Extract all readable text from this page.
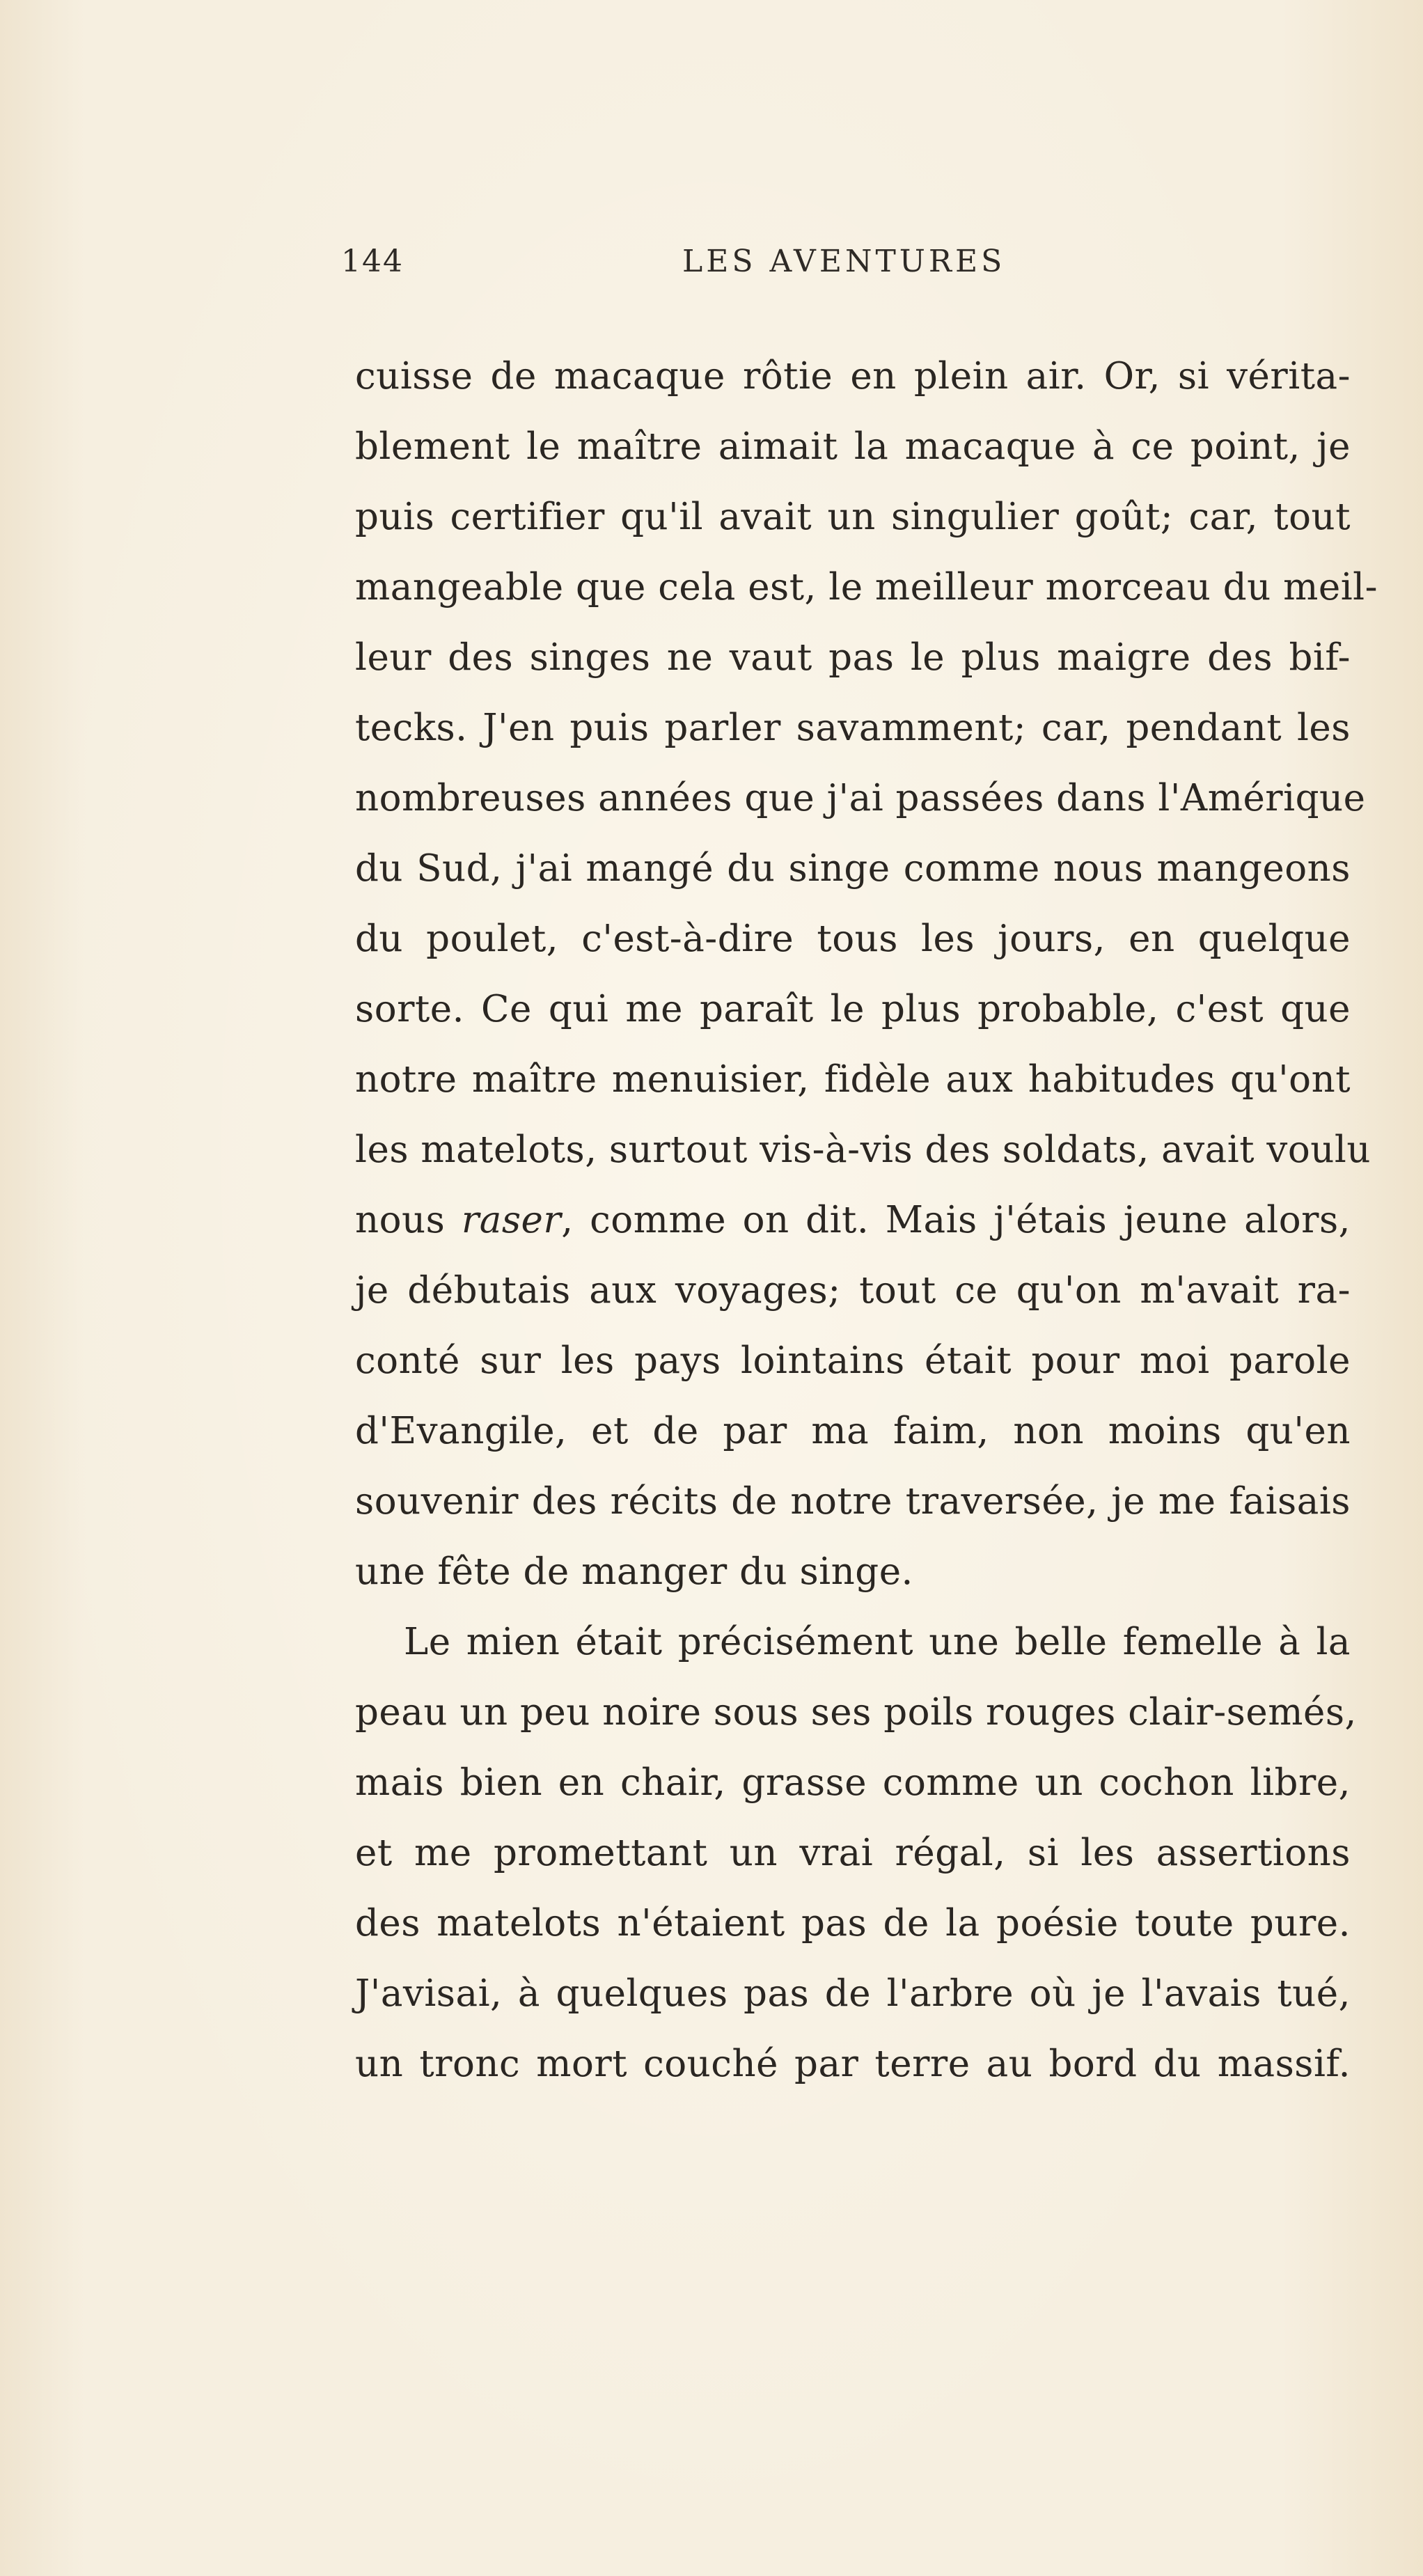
144	LES AVENTURES
cuisse de macaque rôtie en plein air. Or, si vérita-
blement le maître aimait la macaque à ce point, je
puis certifier qu'il avait un singulier goût; car, tout
mangeable que cela est, le meilleur morceau du meil-
leur des singes ne vaut pas le plus maigre des bif-
tecks. J'en puis parler savamment; car, pendant les
nombreuses années que j'ai passées dans l'Amérique
du Sud, j'ai mangé du singe comme nous mangeons
du poulet, c'est-à-dire tous les jours, en quelque
sorte. Ce qui me paraît le plus probable, c'est que
notre maître menuisier, fidèle aux habitudes qu'ont
les matelots, surtout vis-à-vis des soldats, avait voulu
nous raser, comme on dit. Mais j'étais jeune alors,
je débutais aux voyages; tout ce qu'on m'avait ra-
conté sur les pays lointains était pour moi parole
d'Evangile, et de par ma faim, non moins qu'en
souvenir des récits de notre traversée, je me faisais
une fête de manger du singe.
Le mien était précisément une belle femelle à la
peau un peu noire sous ses poils rouges clair-semés,
mais bien en chair, grasse comme un cochon libre,
et me promettant un vrai régal, si les assertions
des matelots n'étaient pas de la poésie toute pure.
J'avisai, à quelques pas de l'arbre où je l'avais tué,
un tronc mort couché par terre au bord du massif.
